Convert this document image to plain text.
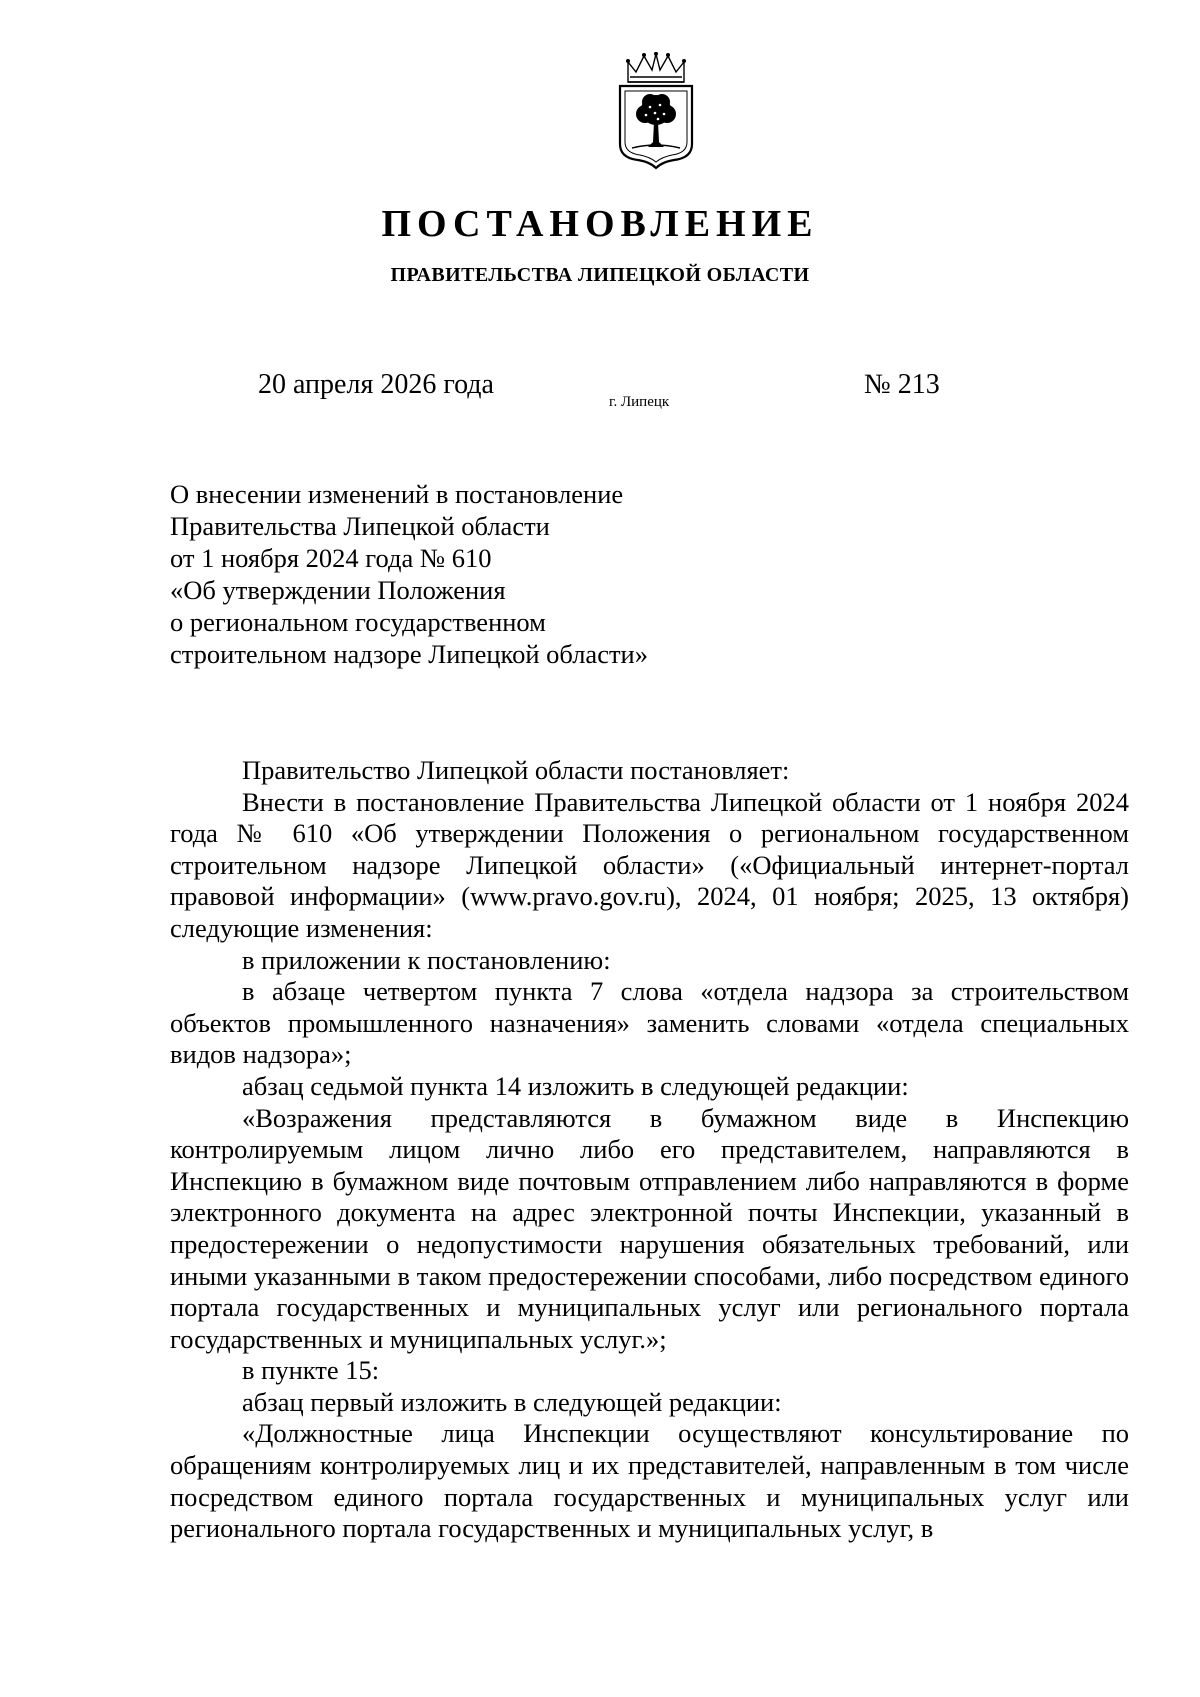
ПОСТАНОВЛЕНИЕ
ПРАВИТЕЛЬСТВА ЛИПЕЦКОЙ ОБЛАСТИ
20 апреля 2026 года
г. Липецк
№ 213
О внесении изменений в постановление
Правительства Липецкой области
от 1 ноября 2024 года № 610
«Об утверждении Положения
о региональном государственном
строительном надзоре Липецкой области»

Правительство Липецкой области постановляет:

Внести в постановление Правительства Липецкой области от 1 ноября 2024 года № 610 «Об утверждении Положения о региональном государственном строительном надзоре Липецкой области» («Официальный интернет-портал правовой информации» (www.pravo.gov.ru), 2024, 01 ноября; 2025, 13 октября) следующие изменения:

в приложении к постановлению:

в абзаце четвертом пункта 7 слова «отдела надзора за строительством объектов промышленного назначения» заменить словами «отдела специальных видов надзора»;

абзац седьмой пункта 14 изложить в следующей редакции:

«Возражения представляются в бумажном виде в Инспекцию контролируемым лицом лично либо его представителем, направляются в Инспекцию в бумажном виде почтовым отправлением либо направляются в форме электронного документа на адрес электронной почты Инспекции, указанный в предостережении о недопустимости нарушения обязательных требований, или иными указанными в таком предостережении способами, либо посредством единого портала государственных и муниципальных услуг или регионального портала государственных и муниципальных услуг.»;

в пункте 15:

абзац первый изложить в следующей редакции:

«Должностные лица Инспекции осуществляют консультирование по обращениям контролируемых лиц и их представителей, направленным в том числе посредством единого портала государственных и муниципальных услуг или регионального портала государственных и муниципальных услуг, в
